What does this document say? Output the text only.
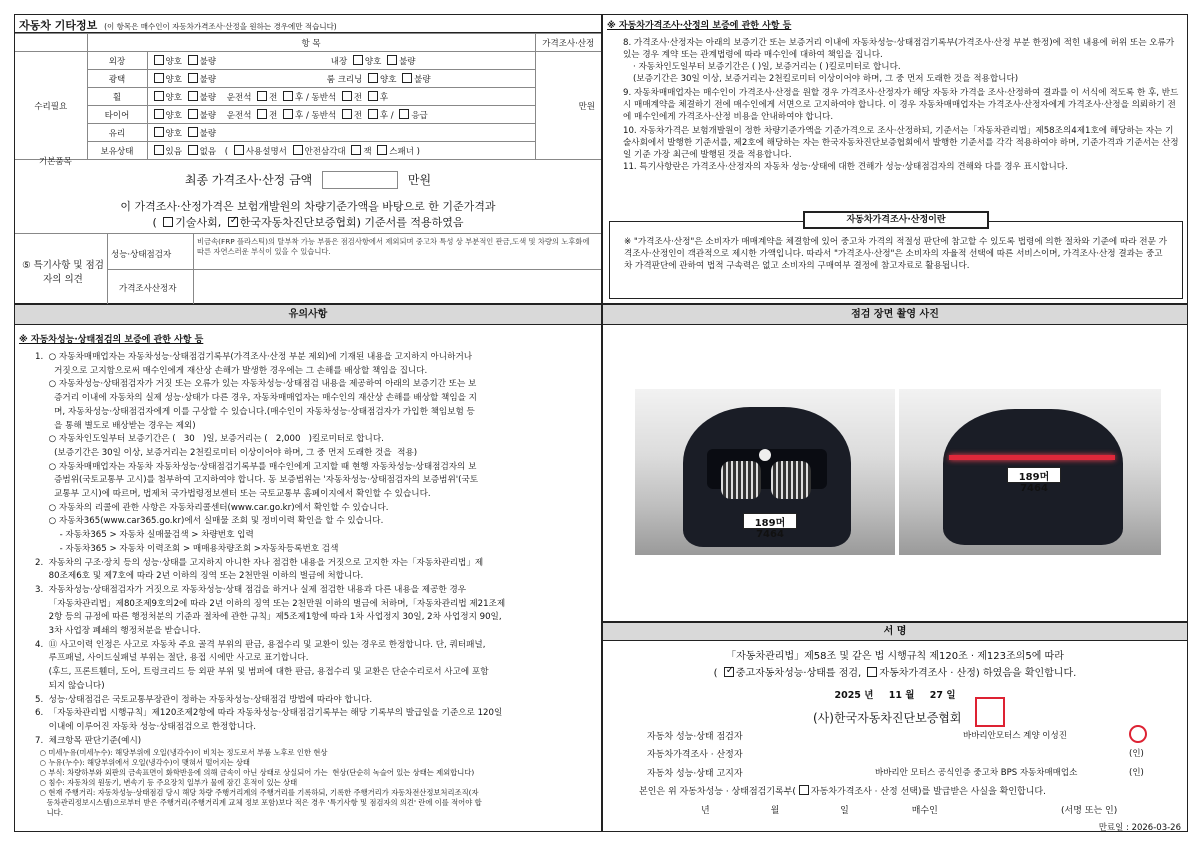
자동차 기타정보 (이 항목은 매수인이 자동차가격조사·산정을 원하는 경우에만 적습니다)
	항 목		가격조사·산정
수리필요	외장	양호 불량 내장 양호 불량	만원
	광택	양호 불량 룸 크리닝 양호 불량	
	휠	양호 불량 운전석 전 후 / 동반석 전 후	
	타이어	양호 불량 운전석 전 후 / 동반석 전 후 / 응급	
	유리	양호 불량	
	보유상태	있음 없음 ( 사용설명서 안전삼각대 잭 스패너 )	
기본품목
최종 가격조사·산정 금액	만원
이 가격조사·산정가격은 보험개발원의 차량기준가액을 바탕으로 한 기준가격과
( 기술사회, ✓한국자동차진단보증협회) 기준서를 적용하였음
⑤ 특기사항 및 점검자의 의견
성능·상태점검자
비금속(FRP 플라스틱)의 탈부착 가능 부품은 점검사항에서 제외되며 중고차 특성 상 부분적인 판금,도색 및 차량의 노후화에 따른 자연스러운 부식이 있을 수 있습니다.
가격조사산정자
※ 자동차가격조사·산정의 보증에 관한 사항 등
8. 가격조사·산정자는 아래의 보증기간 또는 보증거리 이내에 자동차성능·상태점검기록부(가격조사·산정 부분 한정)에 적힌 내용에 허위 또는 오류가 있는 경우 계약 또는 관계법령에 따라 매수인에 대하여 책임을 집니다.
· 자동차인도일부터 보증기간은 ( )일, 보증거리는 ( )킬로미터로 합니다.
(보증기간은 30일 이상, 보증거리는 2천킬로미터 이상이어야 하며, 그 중 먼저 도래한 것을 적용합니다)
9. 자동차매매업자는 매수인이 가격조사·산정을 원할 경우 가격조사·산정자가 해당 자동차 가격을 조사·산정하여 결과를 이 서식에 적도록 한 후, 반드시 매매계약을 체결하기 전에 매수인에게 서면으로 고지하여야 합니다. 이 경우 자동차매매업자는 가격조사·산정자에게 가격조사·산정을 의뢰하기 전에 매수인에게 가격조사·산정 비용을 안내하여야 합니다.
10. 자동차가격은 보험개발원이 정한 차량기준가액을 기준가격으로 조사·산정하되, 기준서는「자동차관리법」제58조의4제1호에 해당하는 자는 기술사회에서 발행한 기준서를, 제2호에 해당하는 자는 한국자동차진단보증협회에서 발행한 기준서를 각각 적용하여야 하며, 기준가격과 기준서는 산정일 기준 가장 최근에 발행된 것을 적용합니다.
11. 특기사항란은 가격조사·산정자의 자동차 성능·상태에 대한 견해가 성능·상태점검자의 견해와 다를 경우 표시합니다.
자동차가격조사·산정이란
※ "가격조사·산정"은 소비자가 매매계약을 체결함에 있어 중고차 가격의 적절성 판단에 참고할 수 있도록 법령에 의한 절차와 기준에 따라 전문 가격조사·산정인이 객관적으로 제시한 가액입니다. 따라서 "가격조사·산정"은 소비자의 자율적 선택에 따른 서비스이며, 가격조사·산정 결과는 중고차 가격판단에 관하여 법적 구속력은 없고 소비자의 구매여부 결정에 참고자료로 활용됩니다.
유의사항
※ 자동차성능·상태점검의 보증에 관한 사항 등
1.  ○ 자동차매매업자는 자동차성능·상태점검기록부(가격조사·산정 부분 제외)에 기재된 내용을 고지하지 아니하거나
거짓으로 고지함으로써 매수인에게 재산상 손해가 발생한 경우에는 그 손해를 배상할 책임을 집니다.
○ 자동차성능·상태점검자가 거짓 또는 오류가 있는 자동차성능·상태점검 내용을 제공하여 아래의 보증기간 또는 보
증거리 이내에 자동차의 실제 성능·상태가 다른 경우, 자동차매매업자는 매수인의 재산상 손해를 배상할 책임을 지
며, 자동차성능·상태점검자에게 이를 구상할 수 있습니다.(매수인이 자동차성능·상태점검자가 가입한 책임보험 등
을 통해 별도로 배상받는 경우는 제외)
○ 자동차인도일부터 보증기간은 (   30   )일, 보증거리는 (   2,000   )킬로미터로 합니다.
(보증기간은 30일 이상, 보증거리는 2천킬로미터 이상이어야 하며, 그 중 먼저 도래한 것을  적용)
○ 자동차매매업자는 자동차 자동차성능·상태점검기록부를 매수인에게 고지할 때 현행 자동차성능·상태점검자의 보
증범위(국토교통부 고시)를 첨부하여 고지하여야 합니다. 동 보증범위는 '자동차성능·상태점검자의 보증범위'(국토
교통부 고시)에 따르며, 법제처 국가법령정보센터 또는 국토교통부 홈페이지에서 확인할 수 있습니다.
○ 자동차의 리콜에 관한 사항은 자동차리콜센터(www.car.go.kr)에서 확인할 수 있습니다.
○ 자동차365(www.car365.go.kr)에서 실매물 조회 및 정비이력 확인을 할 수 있습니다.
- 자동차365 > 자동차 실매물검색 > 차량번호 입력
- 자동차365 > 자동차 이력조회 > 매매용차량조회 >자동차등록번호 검색
2.  자동차의 구조·장치 등의 성능·상태를 고지하지 아니한 자나 점검한 내용을 거짓으로 고지한 자는「자동차관리법」제
80조제6호 및 제7호에 따라 2년 이하의 징역 또는 2천만원 이하의 벌금에 처합니다.
3.  자동차성능·상태점검자가 거짓으로 자동차성능·상태 점검을 하거나 실제 점검한 내용과 다른 내용을 제공한 경우
「자동차관리법」제80조제9호의2에 따라 2년 이하의 징역 또는 2천만원 이하의 벌금에 처하며,「자동차관리법 제21조제
2항 등의 규정에 따른 행정처분의 기준과 절차에 관한 규칙」제5조제1항에 따라 1차 사업정지 30일, 2차 사업정지 90일,
3차 사업장 폐쇄의 행정처분을 받습니다.
4.  ⑪ 사고이력 인정은 사고로 자동차 주요 골격 부위의 판금, 용접수리 및 교환이 있는 경우로 한정합니다. 단, 쿼터패널,
루프패널, 사이드실패널 부위는 절단, 용접 시에만 사고로 표기합니다.
(후드, 프론트휀더, 도어, 트렁크리드 등 외판 부위 및 범퍼에 대한 판금, 용접수리 및 교환은 단순수리로서 사고에 포함
되지 않습니다)
5.  성능·상태점검은 국토교통부장관이 정하는 자동차성능·상태점검 방법에 따라야 합니다.
6.  「자동차관리법 시행규칙」제120조제2항에 따라 자동차성능·상태점검기록부는 해당 기록부의 발급일을 기준으로 120일
이내에 이루어진 자동차 성능·상태점검으로 한정합니다.
7.  체크항목 판단기준(예시)
○ 미세누유(미세누수): 해당부위에 오일(냉각수)이 비치는 정도로서 부품 노후로 인한 현상
○ 누유(누수): 해당부위에서 오일(냉각수)이 맺혀서 떨어지는 상태
○ 부식: 차량하부와 외판의 금속표면이 화학반응에 의해 금속이 아닌 상태로 상실되어 가는  현상(단순히 녹슬어 있는 상태는 제외합니다)
○ 침수: 자동차의 원동기, 변속기 등 주요장치 일부가 물에 잠긴 흔적이 있는 상태
○ 현재 주행거리: 자동차성능·상태점검 당시 해당 차량 주행거리계의 주행거리를 기록하되, 기록한 주행거리가 자동차전산정보처리조직(자
동차관리정보시스템)으로부터 받은 주행거리(주행거리계 교체 정보 포함)보다 적은 경우 '특기사항 및 점검자의 의견' 란에 이를 적어야 합
니다.
점검 장면 촬영 사진
189머7464
189머7464
서 명
「자동차관리법」제58조 및 같은 법 시행규칙 제120조 · 제123조의5에 따라
( ✓중고자동차성능·상태를 점검, 자동차가격조사 · 산정) 하였음을 확인합니다.
2025 년 11 월 27 일
(사)한국자동차진단보증협회
자동차 성능·상태 점검자	바바리안모터스 계양 이성진
자동차가격조사 · 산정자	(인)
자동차 성능·상태 고지자	바바리안 모터스 공식인증 중고차 BPS 자동차매매업소	(인)
본인은 위 자동차성능 · 상태점검기록부( 자동차가격조사 · 산정 선택)를 발급받은 사실을 확인합니다.
년	월	일	매수인	(서명 또는 인)
만료일 : 2026-03-26
